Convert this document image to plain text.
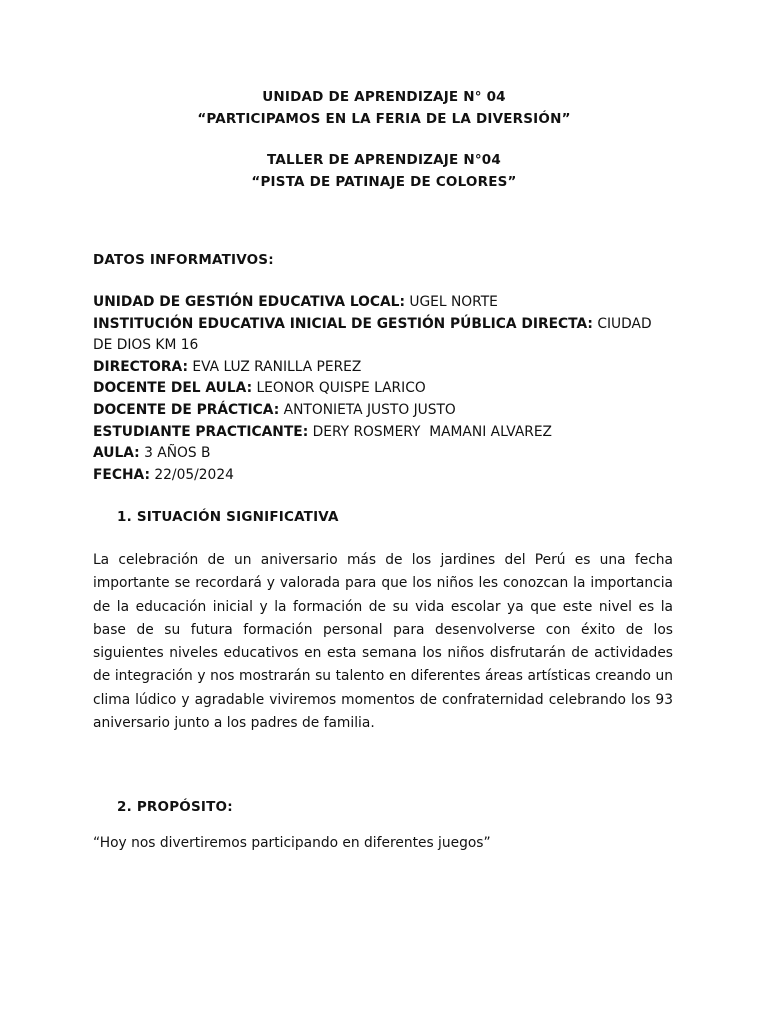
UNIDAD DE APRENDIZAJE N° 04
“PARTICIPAMOS EN LA FERIA DE LA DIVERSIÓN”
TALLER DE APRENDIZAJE N°04
“PISTA DE PATINAJE DE COLORES”
DATOS INFORMATIVOS:
UNIDAD DE GESTIÓN EDUCATIVA LOCAL: UGEL NORTE
INSTITUCIÓN EDUCATIVA INICIAL DE GESTIÓN PÚBLICA DIRECTA: CIUDAD
DE DIOS KM 16
DIRECTORA: EVA LUZ RANILLA PEREZ
DOCENTE DEL AULA: LEONOR QUISPE LARICO
DOCENTE DE PRÁCTICA: ANTONIETA JUSTO JUSTO
ESTUDIANTE PRACTICANTE: DERY ROSMERY  MAMANI ALVAREZ
AULA: 3 AÑOS B
FECHA: 22/05/2024
1. SITUACIÓN SIGNIFICATIVA
La celebración de un aniversario más de los jardines del Perú es una fecha importante se recordará y valorada para que los niños les conozcan la importancia de la educación inicial y la formación de su vida escolar ya que este nivel es la base de su futura formación personal para desenvolverse con éxito de los siguientes niveles educativos en esta semana los niños disfrutarán de actividades de integración y nos mostrarán su talento en diferentes áreas artísticas creando un clima lúdico y agradable viviremos momentos de confraternidad celebrando los 93 aniversario junto a los padres de familia.
2. PROPÓSITO:
“Hoy nos divertiremos participando en diferentes juegos”
